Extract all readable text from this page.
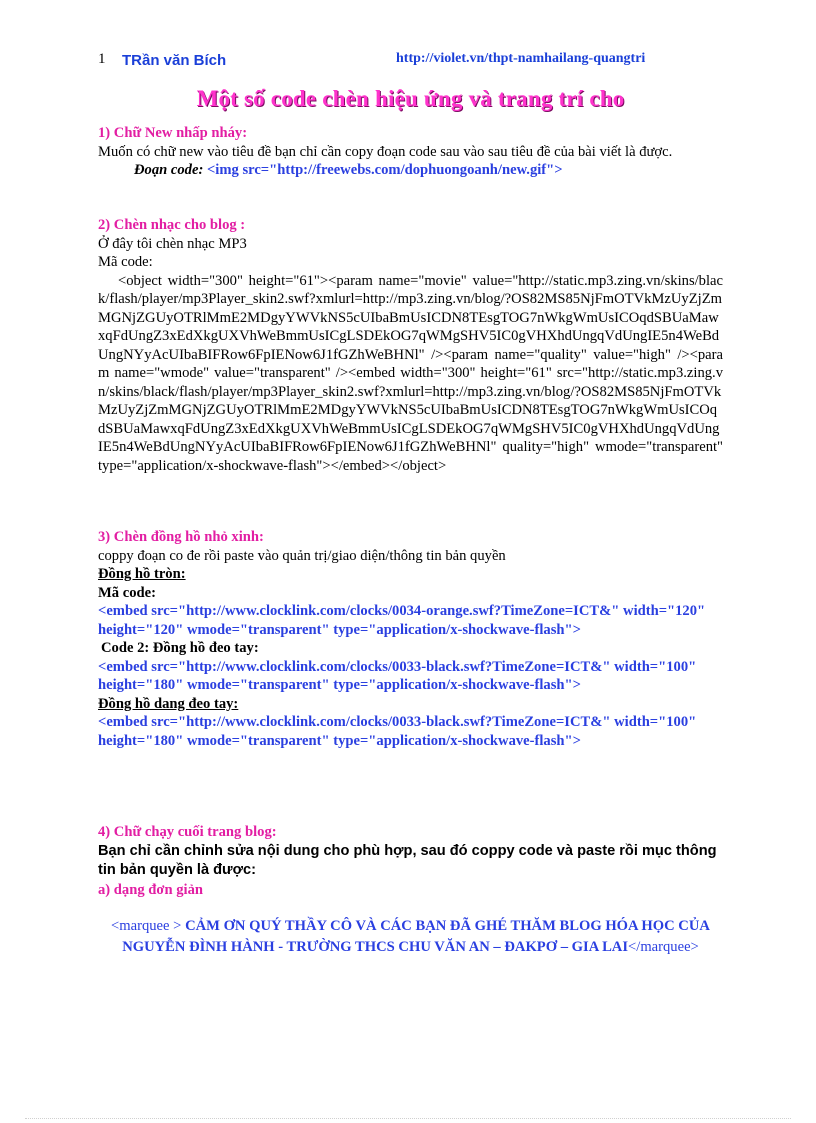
1 TRần văn Bích	http://violet.vn/thpt-namhailang-quangtri
Một số code chèn hiệu ứng và trang trí cho
1) Chữ New nhấp nháy:
Muốn có chữ new vào tiêu đề bạn chỉ cần copy đoạn code sau vào sau tiêu đề của bài viết là được.
Đoạn code: <img src="http://freewebs.com/dophuongoanh/new.gif">
2) Chèn nhạc cho blog :
Ở đây tôi chèn nhạc MP3
Mã code:
<object width="300" height="61"><param name="movie" value="http://static.mp3.zing.vn/skins/black/flash/player/mp3Player_skin2.swf?xmlurl=http://mp3.zing.vn/blog/?OS82MS85NjFmOTVkMzUyZjZmMGNjZGUyOTRlMmE2MDgyYWVkNS5cUIbaBmUsICDN8TEsgTOG7nWkgWmUsICOqdSBUaMawxqFdUngZ3xEdXkgUXVhWeBmmUsICgLSDEkOG7qWMgSHV5IC0gVHXhdUngqVdUngIE5n4WeBdUngNYyAcUIbaBIFRow6FpIENow6J1fGZhWeBHNl" /><param name="quality" value="high" /><param name="wmode" value="transparent" /><embed width="300" height="61" src="http://static.mp3.zing.vn/skins/black/flash/player/mp3Player_skin2.swf?xmlurl=http://mp3.zing.vn/blog/?OS82MS85NjFmOTVkMzUyZjZmMGNjZGUyOTRlMmE2MDgyYWVkNS5cUIbaBmUsICDN8TEsgTOG7nWkgWmUsICOqdSBUaMawxqFdUngZ3xEdXkgUXVhWeBmmUsICgLSDEkOG7qWMgSHV5IC0gVHXhdUngqVdUngIE5n4WeBdUngNYyAcUIbaBIFRow6FpIENow6J1fGZhWeBHNl" quality="high" wmode="transparent" type="application/x-shockwave-flash"></embed></object>
3) Chèn đồng hồ nhỏ xinh:
coppy đoạn co đe rồi paste vào quản trị/giao diện/thông tin bản quyền
Đồng hồ tròn:
Mã code:
<embed src="http://www.clocklink.com/clocks/0034-orange.swf?TimeZone=ICT&" width="120" height="120" wmode="transparent" type="application/x-shockwave-flash">
Code 2: Đồng hồ đeo tay:
<embed src="http://www.clocklink.com/clocks/0033-black.swf?TimeZone=ICT&" width="100" height="180" wmode="transparent" type="application/x-shockwave-flash">
Đồng hồ dang đeo tay:
<embed src="http://www.clocklink.com/clocks/0033-black.swf?TimeZone=ICT&" width="100" height="180" wmode="transparent" type="application/x-shockwave-flash">
4) Chữ chạy cuối trang blog:
Bạn chỉ cần chỉnh sửa nội dung cho phù hợp, sau đó coppy code và paste rồi mục thông tin bản quyền là được:
a) dạng đơn giản
<marquee > CẢM ƠN QUÝ THẦY CÔ VÀ CÁC BẠN ĐÃ GHÉ THĂM BLOG HÓA HỌC CỦA NGUYỄN ĐÌNH HÀNH - TRƯỜNG THCS CHU VĂN AN – ĐAKPƠ – GIA LAI</marquee>
